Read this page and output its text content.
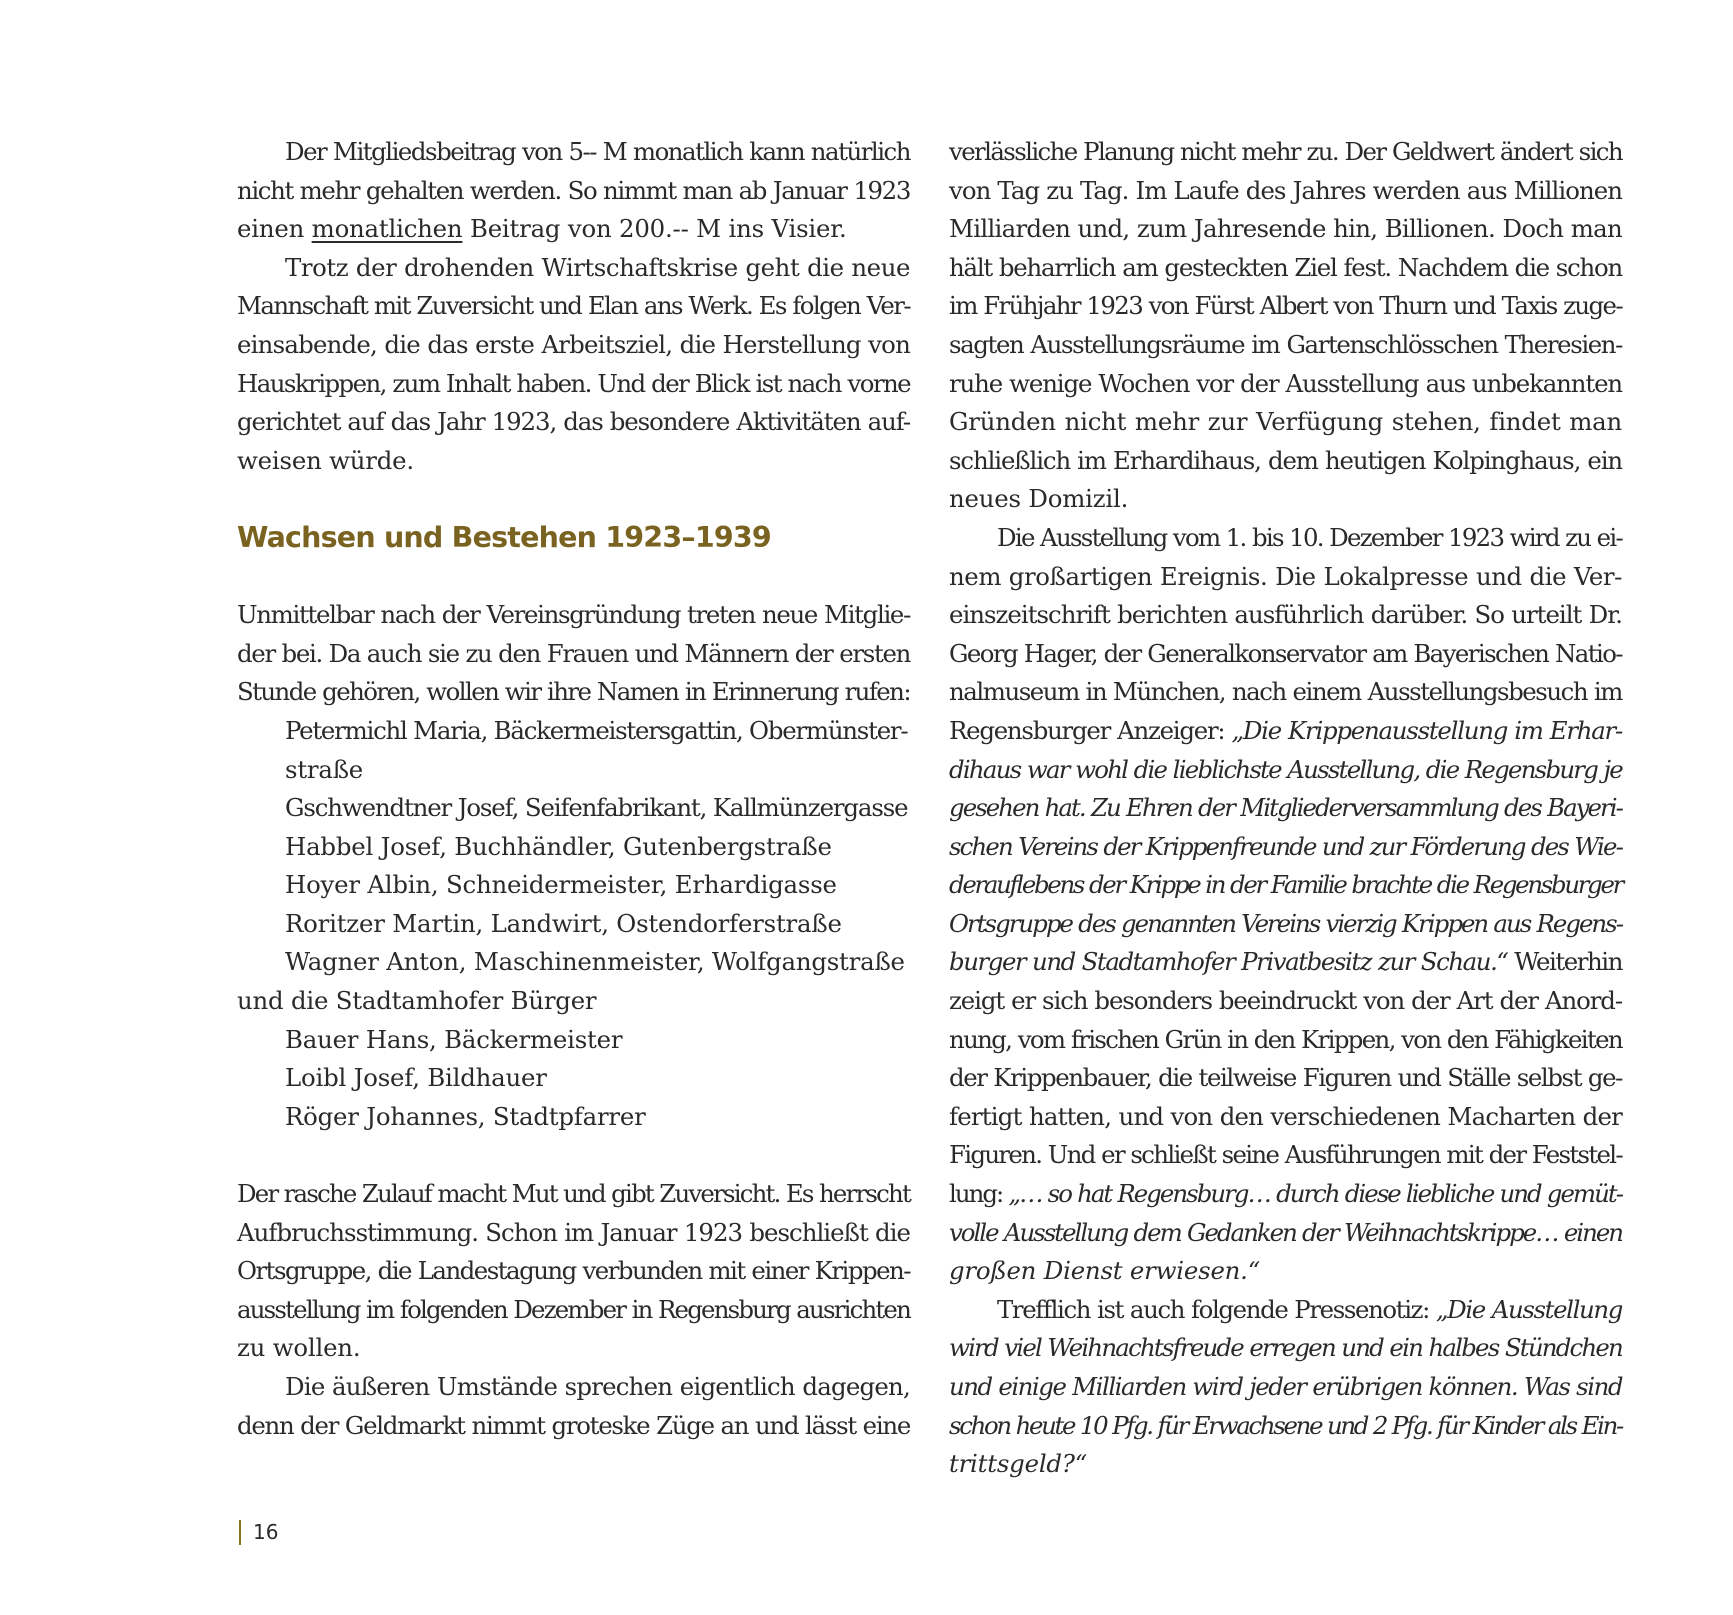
Der Mitgliedsbeitrag von 5-- M monatlich kann natürlich
nicht mehr gehalten werden. So nimmt man ab Januar 1923
einen monatlichen Beitrag von 200.-- M ins Visier.
Trotz der drohenden Wirtschaftskrise geht die neue
Mannschaft mit Zuversicht und Elan ans Werk. Es folgen Ver-
einsabende, die das erste Arbeitsziel, die Herstellung von
Hauskrippen, zum Inhalt haben. Und der Blick ist nach vorne
gerichtet auf das Jahr 1923, das besondere Aktivitäten auf-
weisen würde.
Wachsen und Bestehen 1923–1939
Unmittelbar nach der Vereinsgründung treten neue Mitglie-
der bei. Da auch sie zu den Frauen und Männern der ersten
Stunde gehören, wollen wir ihre Namen in Erinnerung rufen:
Petermichl Maria, Bäckermeistersgattin, Obermünster-
straße
Gschwendtner Josef, Seifenfabrikant, Kallmünzergasse
Habbel Josef, Buchhändler, Gutenbergstraße
Hoyer Albin, Schneidermeister, Erhardigasse
Roritzer Martin, Landwirt, Ostendorferstraße
Wagner Anton, Maschinenmeister, Wolfgangstraße
und die Stadtamhofer Bürger
Bauer Hans, Bäckermeister
Loibl Josef, Bildhauer
Röger Johannes, Stadtpfarrer
Der rasche Zulauf macht Mut und gibt Zuversicht. Es herrscht
Aufbruchsstimmung. Schon im Januar 1923 beschließt die
Ortsgruppe, die Landestagung verbunden mit einer Krippen-
ausstellung im folgenden Dezember in Regensburg ausrichten
zu wollen.
Die äußeren Umstände sprechen eigentlich dagegen,
denn der Geldmarkt nimmt groteske Züge an und lässt eine
verlässliche Planung nicht mehr zu. Der Geldwert ändert sich
von Tag zu Tag. Im Laufe des Jahres werden aus Millionen
Milliarden und, zum Jahresende hin, Billionen. Doch man
hält beharrlich am gesteckten Ziel fest. Nachdem die schon
im Frühjahr 1923 von Fürst Albert von Thurn und Taxis zuge-
sagten Ausstellungsräume im Gartenschlösschen Theresien-
ruhe wenige Wochen vor der Ausstellung aus unbekannten
Gründen nicht mehr zur Verfügung stehen, findet man
schließlich im Erhardihaus, dem heutigen Kolpinghaus, ein
neues Domizil.
Die Ausstellung vom 1. bis 10. Dezember 1923 wird zu ei-
nem großartigen Ereignis. Die Lokalpresse und die Ver-
einszeitschrift berichten ausführlich darüber. So urteilt Dr.
Georg Hager, der Generalkonservator am Bayerischen Natio-
nalmuseum in München, nach einem Ausstellungsbesuch im
Regensburger Anzeiger: „Die Krippenausstellung im Erhar-
dihaus war wohl die lieblichste Ausstellung, die Regensburg je
gesehen hat. Zu Ehren der Mitgliederversammlung des Bayeri-
schen Vereins der Krippenfreunde und zur Förderung des Wie-
derauflebens der Krippe in der Familie brachte die Regensburger
Ortsgruppe des genannten Vereins vierzig Krippen aus Regens-
burger und Stadtamhofer Privatbesitz zur Schau.“ Weiterhin
zeigt er sich besonders beeindruckt von der Art der Anord-
nung, vom frischen Grün in den Krippen, von den Fähigkeiten
der Krippenbauer, die teilweise Figuren und Ställe selbst ge-
fertigt hatten, und von den verschiedenen Macharten der
Figuren. Und er schließt seine Ausführungen mit der Feststel-
lung: „… so hat Regensburg… durch diese liebliche und gemüt-
volle Ausstellung dem Gedanken der Weihnachtskrippe… einen
großen Dienst erwiesen.“
Trefflich ist auch folgende Pressenotiz: „Die Ausstellung
wird viel Weihnachtsfreude erregen und ein halbes Stündchen
und einige Milliarden wird jeder erübrigen können. Was sind
schon heute 10 Pfg. für Erwachsene und 2 Pfg. für Kinder als Ein-
trittsgeld?“
16
